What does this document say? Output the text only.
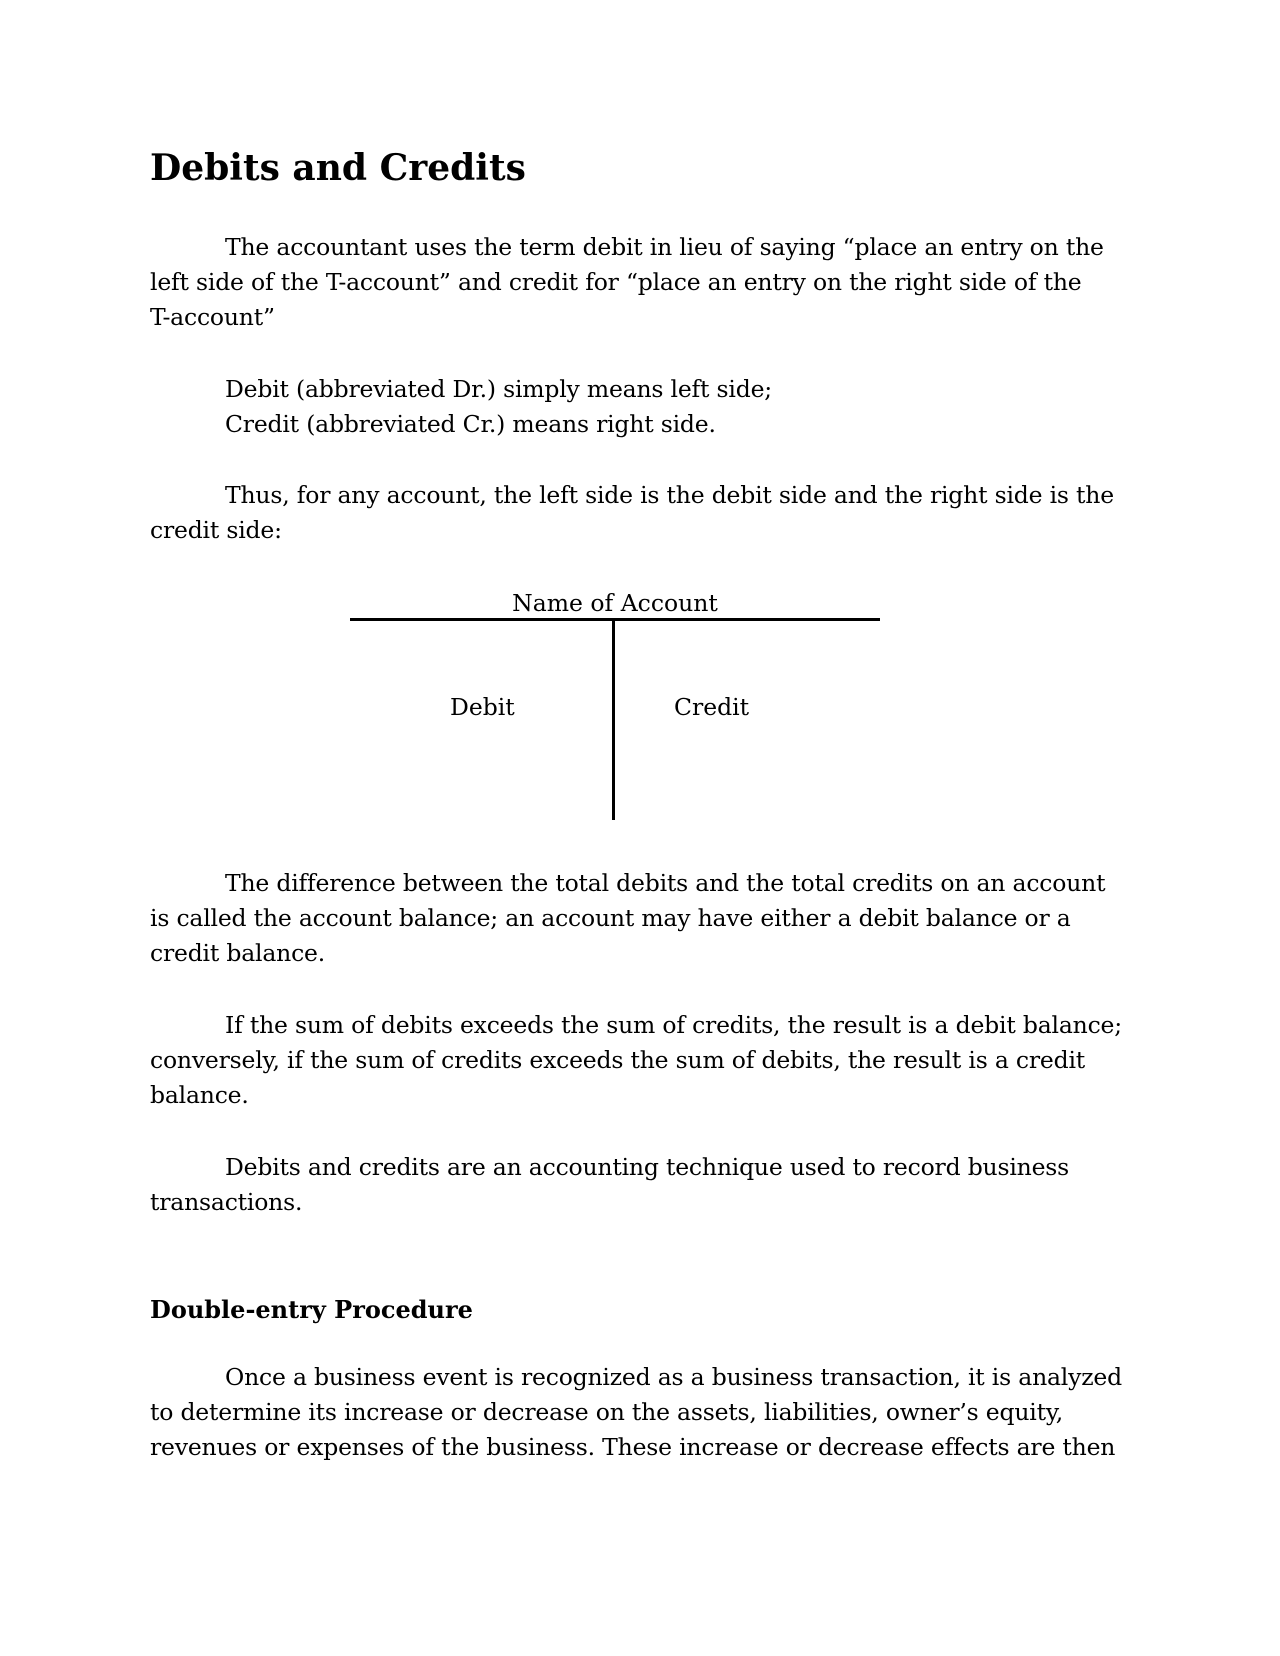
Debits and Credits

The accountant uses the term debit in lieu of saying “place an entry on the
left side of the T-account” and credit for “place an entry on the right side of the
T-account”

Debit (abbreviated Dr.) simply means left side;
Credit (abbreviated Cr.) means right side.

Thus, for any account, the left side is the debit side and the right side is the
credit side:

Name of Account
Debit	Credit

The difference between the total debits and the total credits on an account
is called the account balance; an account may have either a debit balance or a
credit balance.

If the sum of debits exceeds the sum of credits, the result is a debit balance;
conversely, if the sum of credits exceeds the sum of debits, the result is a credit
balance.

Debits and credits are an accounting technique used to record business
transactions.

Double-entry Procedure

Once a business event is recognized as a business transaction, it is analyzed
to determine its increase or decrease on the assets, liabilities, owner’s equity,
revenues or expenses of the business. These increase or decrease effects are then
